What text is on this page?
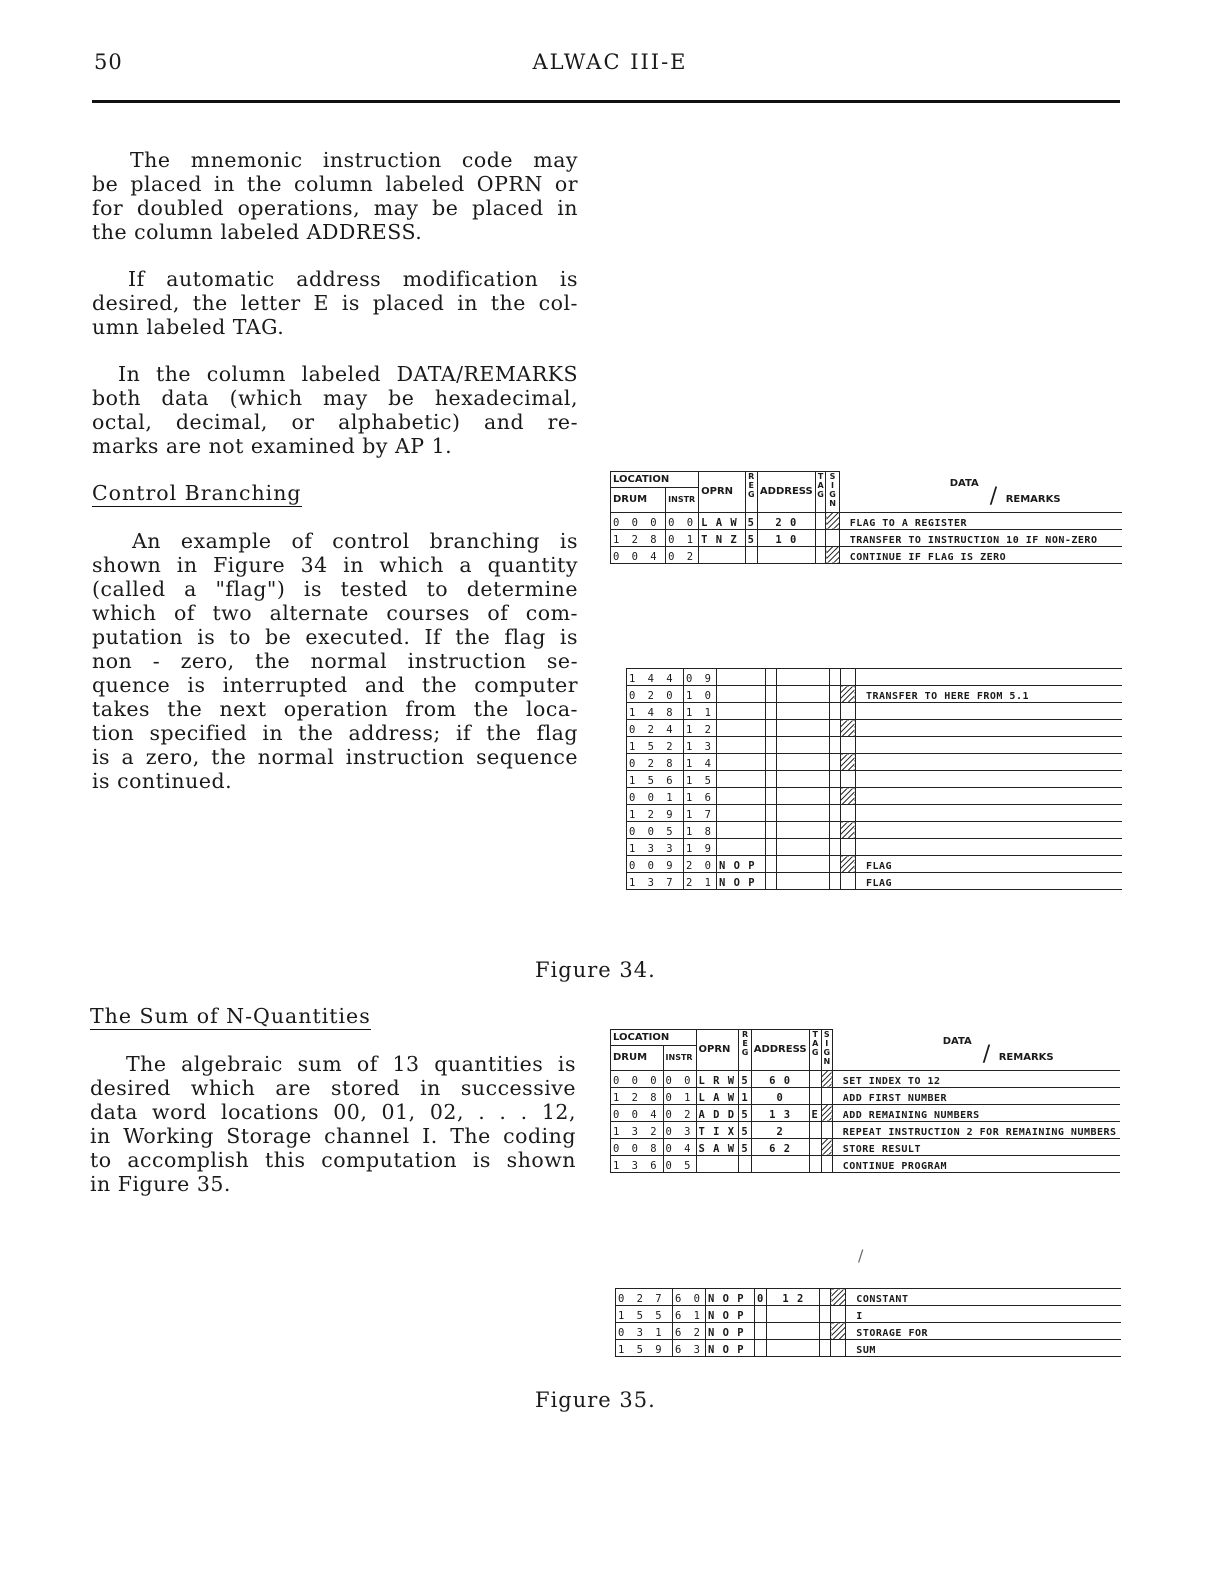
50	ALWAC III-E
The mnemonic instruction code may
be placed in the column labeled OPRN or
for doubled operations, may be placed in
the column labeled ADDRESS.
If automatic address modification is
desired, the letter E is placed in the col-
umn labeled TAG.
In the column labeled DATA/REMARKS
both data (which may be hexadecimal,
octal, decimal, or alphabetic) and re-
marks are not examined by AP 1.
Control Branching
An example of control branching is
shown in Figure 34 in which a quantity
(called a "flag") is tested to determine
which of two alternate courses of com-
putation is to be executed. If the flag is
non - zero, the normal instruction se-
quence is interrupted and the computer
takes the next operation from the loca-
tion specified in the address; if the flag
is a zero, the normal instruction sequence
is continued.
LOCATION		OPRN	REG	ADDRESS	TAG	SIGN	DATA
/ REMARKS

DRUM	INSTR						
0 0 0	0 0	L A W	5	2 0			FLAG TO A REGISTER
1 2 8	0 1	T N Z	5	1 0			TRANSFER TO INSTRUCTION 10 IF NON-ZERO
0 0 4	0 2						CONTINUE IF FLAG IS ZERO
1 4 4	0 9						
0 2 0	1 0						TRANSFER TO HERE FROM 5.1
1 4 8	1 1						
0 2 4	1 2						
1 5 2	1 3						
0 2 8	1 4						
1 5 6	1 5						
0 0 1	1 6						
1 2 9	1 7						
0 0 5	1 8						
1 3 3	1 9						
0 0 9	2 0	N O P					FLAG
1 3 7	2 1	N O P					FLAG
Figure 34.
The Sum of N-Quantities
The algebraic sum of 13 quantities is
desired which are stored in successive
data word locations 00, 01, 02, . . . 12,
in Working Storage channel I. The coding
to accomplish this computation is shown
in Figure 35.
LOCATION		OPRN	REG	ADDRESS	TAG	SIGN	DATA
/ REMARKS

DRUM	INSTR						
0 0 0	0 0	L R W	5	6 0			SET INDEX TO 12
1 2 8	0 1	L A W	1	0			ADD FIRST NUMBER
0 0 4	0 2	A D D	5	1 3	E		ADD REMAINING NUMBERS
1 3 2	0 3	T I X	5	2			REPEAT INSTRUCTION 2 FOR REMAINING NUMBERS
0 0 8	0 4	S A W	5	6 2			STORE RESULT
1 3 6	0 5						CONTINUE PROGRAM
/
0 2 7	6 0	N O P	0	1 2			CONSTANT
1 5 5	6 1	N O P					I
0 3 1	6 2	N O P					STORAGE FOR
1 5 9	6 3	N O P					SUM
Figure 35.
